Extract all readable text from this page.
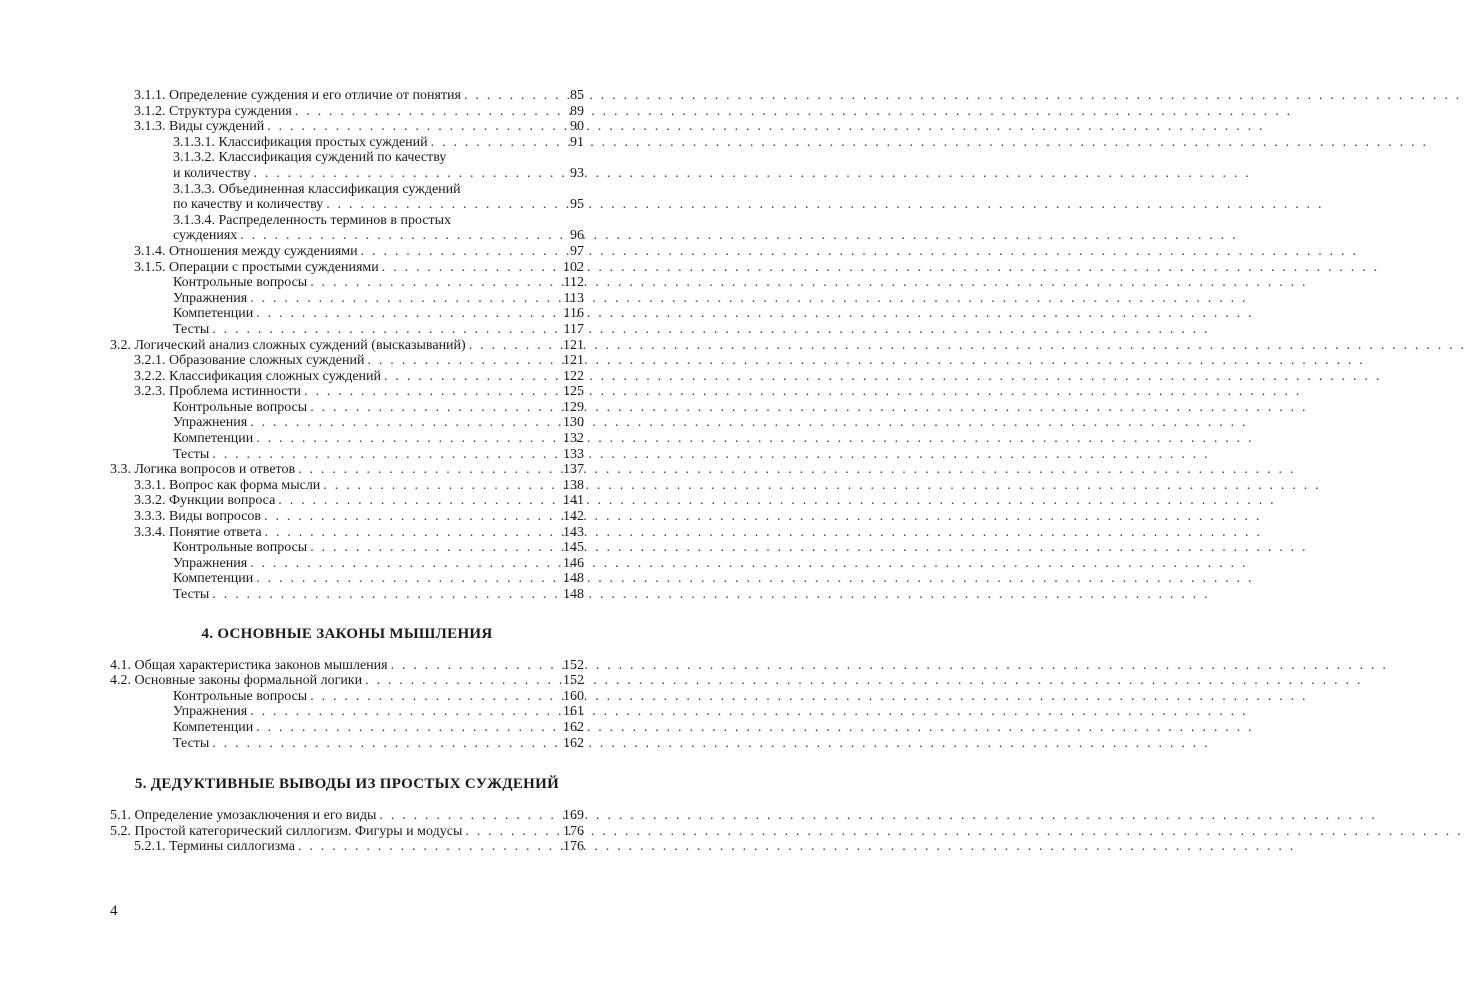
3.1.1. Определение суждения и его отличие от понятия . . .	85
3.1.2. Структура суждения . . .	89
3.1.3. Виды суждений . . .	90
3.1.3.1. Классификация простых суждений . . .	91
3.1.3.2. Классификация суждений по качеству
и количеству . . .	93
3.1.3.3. Объединенная классификация суждений
по качеству и количеству . . .	95
3.1.3.4. Распределенность терминов в простых
суждениях . . .	96
3.1.4. Отношения между суждениями . . .	97
3.1.5. Операции с простыми суждениями . . .	102
Контрольные вопросы . . .	112
Упражнения . . .	113
Компетенции . . .	116
Тесты . . .	117
3.2. Логический анализ сложных суждений (высказываний) . . .	121
3.2.1. Образование сложных суждений . . .	121
3.2.2. Классификация сложных суждений . . .	122
3.2.3. Проблема истинности . . .	125
Контрольные вопросы . . .	129
Упражнения . . .	130
Компетенции . . .	132
Тесты . . .	133
3.3. Логика вопросов и ответов . . .	137
3.3.1. Вопрос как форма мысли . . .	138
3.3.2. Функции вопроса . . .	141
3.3.3. Виды вопросов . . .	142
3.3.4. Понятие ответа . . .	143
Контрольные вопросы . . .	145
Упражнения . . .	146
Компетенции . . .	148
Тесты . . .	148
4. ОСНОВНЫЕ ЗАКОНЫ МЫШЛЕНИЯ
4.1. Общая характеристика законов мышления . . .	152
4.2. Основные законы формальной логики . . .	152
Контрольные вопросы . . .	160
Упражнения . . .	161
Компетенции . . .	162
Тесты . . .	162
5. ДЕДУКТИВНЫЕ ВЫВОДЫ ИЗ ПРОСТЫХ СУЖДЕНИЙ
5.1. Определение умозаключения и его виды . . .	169
5.2. Простой категорический силлогизм. Фигуры и модусы . . .	176
5.2.1. Термины силлогизма . . .	176
4
